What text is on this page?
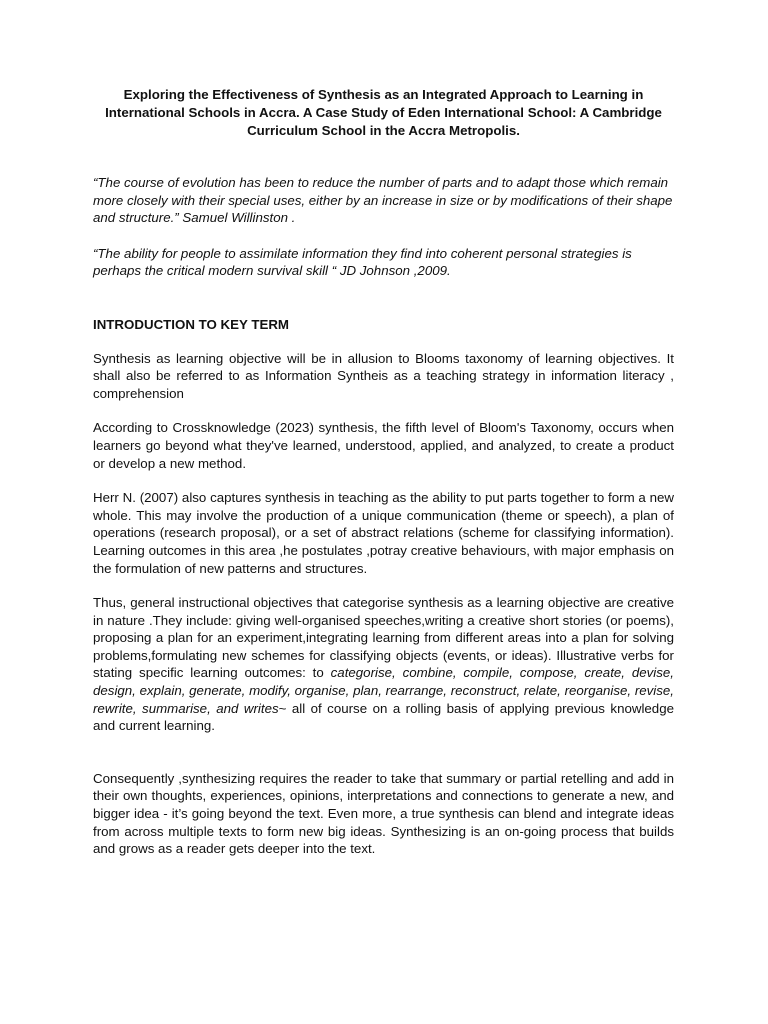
Exploring the Effectiveness of Synthesis as an Integrated Approach to Learning in International Schools in Accra. A Case Study of Eden International School: A Cambridge Curriculum School in the Accra Metropolis.

“The course of evolution has been to reduce the number of parts and to adapt those which remain more closely with their special uses, either by an increase in size or by modifications of their shape and structure.” Samuel Willinston .

“The ability for people to assimilate information they find into coherent personal strategies is perhaps the critical modern survival skill “ JD Johnson ,2009.

INTRODUCTION TO KEY TERM

Synthesis as learning objective will be in allusion to Blooms taxonomy of learning objectives. It shall also be referred to as Information Syntheis as a teaching strategy in information literacy , comprehension

According to Crossknowledge (2023) synthesis, the fifth level of Bloom's Taxonomy, occurs when learners go beyond what they've learned, understood, applied, and analyzed, to create a product or develop a new method.

Herr N. (2007) also captures synthesis in teaching as the ability to put parts together to form a new whole. This may involve the production of a unique communication (theme or speech), a plan of operations (research proposal), or a set of abstract relations (scheme for classifying information). Learning outcomes in this area ,he postulates ,potray creative behaviours, with major emphasis on the formulation of new patterns and structures.

Thus, general instructional objectives that categorise synthesis as a learning objective are creative in nature .They include: giving well-organised speeches,writing a creative short stories (or poems), proposing a plan for an experiment,integrating learning from different areas into a plan for solving problems,formulating new schemes for classifying objects (events, or ideas). Illustrative verbs for stating specific learning outcomes: to categorise, combine, compile, compose, create, devise, design, explain, generate, modify, organise, plan, rearrange, reconstruct, relate, reorganise, revise, rewrite, summarise, and writes~ all of course on a rolling basis of applying previous knowledge and current learning.

Consequently ,synthesizing requires the reader to take that summary or partial retelling and add in their own thoughts, experiences, opinions, interpretations and connections to generate a new, and bigger idea - it’s going beyond the text. Even more, a true synthesis can blend and integrate ideas from across multiple texts to form new big ideas. Synthesizing is an on-going process that builds and grows as a reader gets deeper into the text.
